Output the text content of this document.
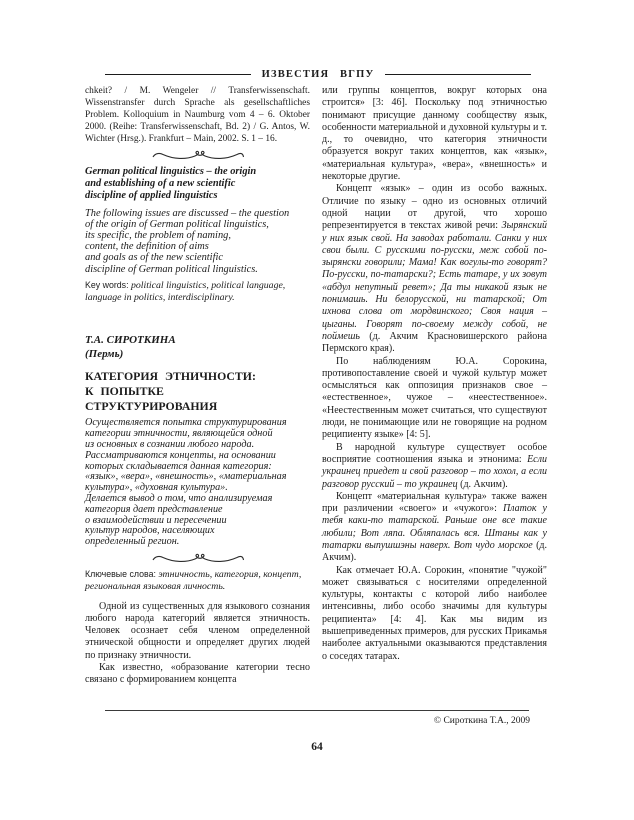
ИЗВЕСТИЯ ВГПУ

chkeit? / M. Wengeler // Transferwissenschaft. Wissenstransfer durch Sprache als gesellschaftliches Problem. Kolloquium in Naumburg vom 4 – 6. Oktober 2000. (Reihe: Transferwissenschaft, Bd. 2) / G. Antos, W. Wichter (Hrsg.). Frankfurt – Main, 2002. S. 1 – 16.

German political linguistics – the origin
and establishing of a new scientific
discipline of applied linguistics

The following issues are discussed – the question
of the origin of German political linguistics,
its specific, the problem of naming,
content, the definition of aims
and goals as of the new scientific
discipline of German political linguistics.

Key words: political linguistics, political language, language in politics, interdisciplinary.

Т.А. СИРОТКИНА
(Пермь)
КАТЕГОРИЯ ЭТНИЧНОСТИ:
К ПОПЫТКЕ
СТРУКТУРИРОВАНИЯ

Осуществляется попытка структурирования
категории этничности, являющейся одной
из основных в сознании любого народа.
Рассматриваются концепты, на основании
которых складывается данная категория:
«язык», «вера», «внешность», «материальная
культура», «духовная культура».
Делается вывод о том, что анализируемая
категория дает представление
о взаимодействии и пересечении
культур народов, населяющих
определенный регион.

Ключевые слова: этничность, категория, концепт, региональная языковая личность.

Одной из существенных для языкового сознания любого народа категорий является этничность. Человек осознает себя членом определенной этнической общности и определяет других людей по признаку этничности.

Как известно, «образование категории тесно связано с формированием концепта

или группы концептов, вокруг которых она строится» [3: 46]. Поскольку под этничностью понимают присущие данному сообществу язык, особенности материальной и духовной культуры и т. д., то очевидно, что категория этничности образуется вокруг таких концептов, как «язык», «материальная культура», «вера», «внешность» и некоторые другие.

Концепт «язык» – один из особо важных. Отличие по языку – одно из основных отличий одной нации от другой, что хорошо репрезентируется в текстах живой речи: Зырянский у них язык свой. На заводах работали. Санки у них свои были. С русскими по-русски, меж собой по-зырянски говорили; Мама! Как вогулы-то говорят? По-русски, по-татарски?; Есть татаре, у их зовут «абдул непутный ревет»; Да ты никакой язык не понимашь. Ни белорусской, ни татарской; От ихнова слова от мордвинского; Своя нация – цыганы. Говорят по-своему между собой, не поймешь (д. Акчим Красновишерского района Пермского края).

По наблюдениям Ю.А. Сорокина, противопоставление своей и чужой культур может осмысляться как оппозиция признаков свое – «естественное», чужое – «неестественное». «Неестественным может считаться, что существуют люди, не понимающие или не говорящие на родном реципиенту языке» [4: 5].

В народной культуре существует особое восприятие соотношения языка и этнонима: Если украинец приедет и свой разговор – то хохол, а если разговор русский – то украинец (д. Акчим).

Концепт «материальная культура» также важен при различении «своего» и «чужого»: Платок у тебя каки-то татарской. Раньше оне все такие любили; Вот ляпа. Обляпалась вся. Штаны как у татарки выпушшэны наверх. Вот чудо морское (д. Акчим).

Как отмечает Ю.А. Сорокин, «понятие "чужой" может связываться с носителями определенной культуры, контакты с которой либо наиболее интенсивны, либо особо значимы для культуры реципиента» [4: 4]. Как мы видим из вышеприведенных примеров, для русских Прикамья наиболее актуальными оказываются представления о соседях татарах.

© Сироткина Т.А., 2009
64
